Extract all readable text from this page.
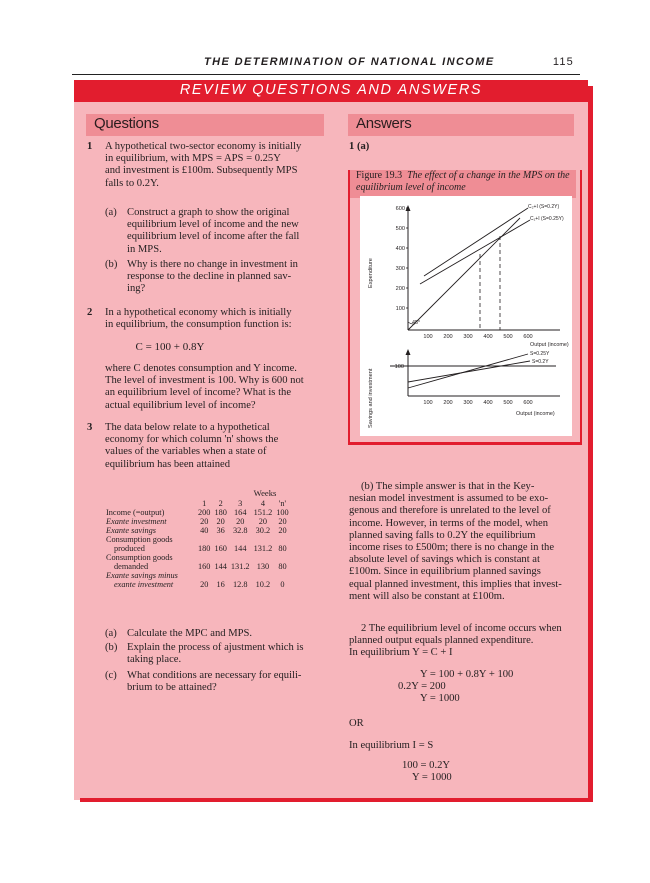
THE DETERMINATION OF NATIONAL INCOME	115
REVIEW QUESTIONS AND ANSWERS
Questions	Answers
1 A hypothetical two-sector economy is initially
in equilibrium, with MPS = APS = 0.25Y
and investment is £100m. Subsequently MPS
falls to 0.2Y.
(a) Construct a graph to show the original
equilibrium level of income and the new
equilibrium level of income after the fall
in MPS.
(b) Why is there no change in investment in
response to the decline in planned sav-
ing?
2 In a hypothetical economy which is initially
in equilibrium, the consumption function is:
C = 100 + 0.8Y
where C denotes consumption and Y income.
The level of investment is 100. Why is 600 not
an equilibrium level of income? What is the
actual equilibrium level of income?
3 The data below relate to a hypothetical
economy for which column 'n' shows the
values of the variables when a state of
equilibrium has been attained
Weeks
	1	2	3	4	'n'
Income (=output)	200	180	164	151.2	100
Exante investment	20	20	20	20	20
Exante savings	40	36	32.8	30.2	20
Consumption goods					
produced	180	160	144	131.2	80
Consumption goods					
demanded	160	144	131.2	130	80
Exante savings minus					
exante investment	20	16	12.8	10.2	0
(a) Calculate the MPC and MPS.
(b) Explain the process of ajustment which is
taking place.
(c) What conditions are necessary for equili-
brium to be attained?
1 (a)
Figure 19.3 The effect of a change in the MPS on the equilibrium level of income
100
200
300
400
500
600
100 200 300 400 500 600
Output (income)
Expenditure
45°
C₂+I (S=0.2Y)
C₁+I (S=0.25Y)
100
S=0.25Y
S=0.2Y
100 200 300 400 500 600
Output (income)
Savings and investment
(b) The simple answer is that in the Key-
nesian model investment is assumed to be exo-
genous and therefore is unrelated to the level of
income. However, in terms of the model, when
planned saving falls to 0.2Y the equilibrium
income rises to £500m; there is no change in the
absolute level of savings which is constant at
£100m. Since in equilibrium planned savings
equal planned investment, this implies that invest-
ment will also be constant at £100m.
2 The equilibrium level of income occurs when
planned output equals planned expenditure.
In equilibrium Y = C + I
Y = 100 + 0.8Y + 100
0.2Y = 200
Y = 1000
OR
In equilibrium I = S
100 = 0.2Y
Y = 1000
